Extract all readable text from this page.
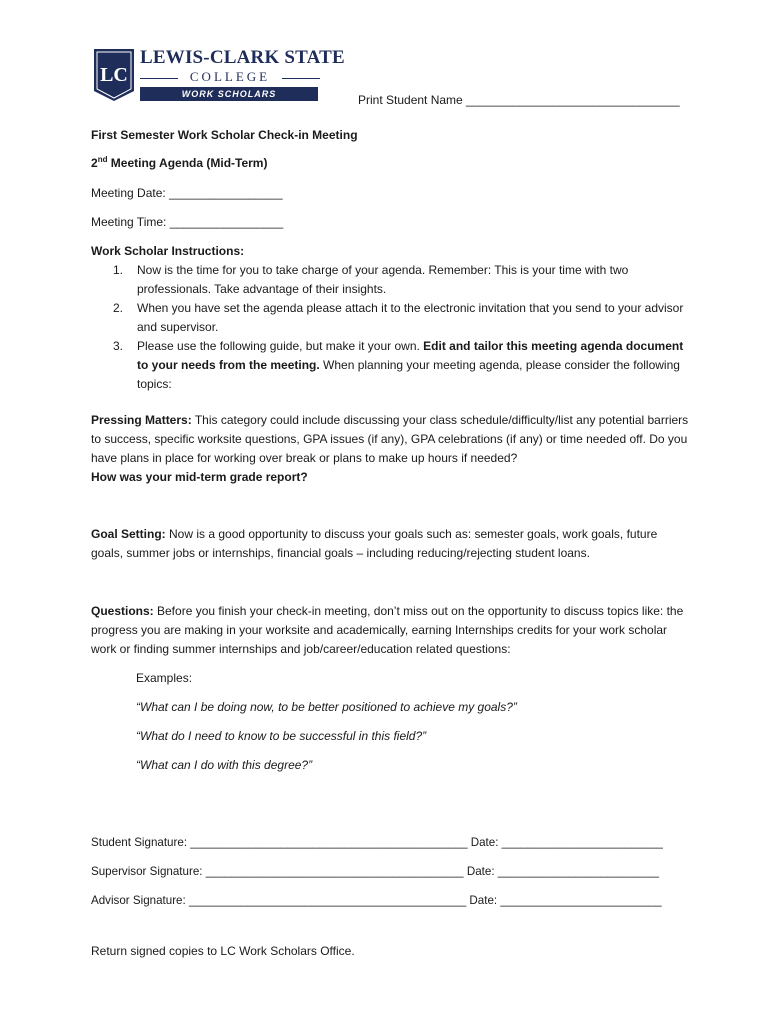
LC
LEWIS-CLARK STATE
COLLEGE
WORK SCHOLARS	Print Student Name ________________________________
First Semester Work Scholar Check-in Meeting
2nd Meeting Agenda (Mid-Term)
Meeting Date: _________________
Meeting Time: _________________
Work Scholar Instructions:
1. Now is the time for you to take charge of your agenda. Remember: This is your time with two professionals. Take advantage of their insights.
2. When you have set the agenda please attach it to the electronic invitation that you send to your advisor and supervisor.
3. Please use the following guide, but make it your own. Edit and tailor this meeting agenda document to your needs from the meeting. When planning your meeting agenda, please consider the following topics:

Pressing Matters: This category could include discussing your class schedule/difficulty/list any potential barriers to success, specific worksite questions, GPA issues (if any), GPA celebrations (if any) or time needed off. Do you have plans in place for working over break or plans to make up hours if needed?

How was your mid-term grade report?

Goal Setting: Now is a good opportunity to discuss your goals such as: semester goals, work goals, future goals, summer jobs or internships, financial goals – including reducing/rejecting student loans.

Questions: Before you finish your check-in meeting, don’t miss out on the opportunity to discuss topics like: the progress you are making in your worksite and academically, earning Internships credits for your work scholar work or finding summer internships and job/career/education related questions:

Examples:
“What can I be doing now, to be better positioned to achieve my goals?”
“What do I need to know to be successful in this field?”
“What can I do with this degree?”
Student Signature: ___________________________________________ Date: _________________________
Supervisor Signature: ________________________________________ Date: _________________________
Advisor Signature: ___________________________________________ Date: _________________________
Return signed copies to LC Work Scholars Office.
